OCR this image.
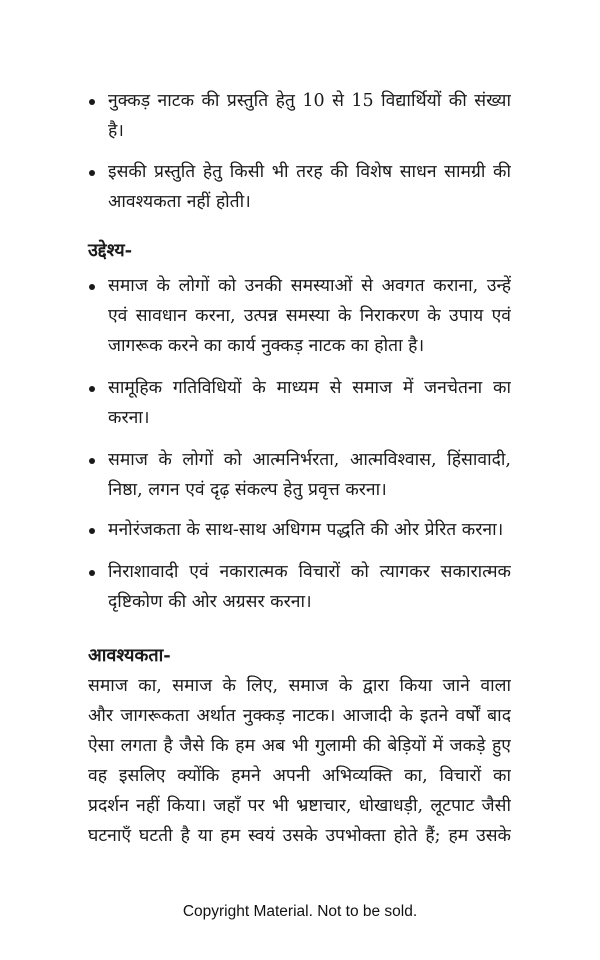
नुक्कड़ नाटक की प्रस्तुति हेतु 10 से 15 विद्यार्थियों की संख्या
है।
इसकी प्रस्तुति हेतु किसी भी तरह की विशेष साधन सामग्री की
आवश्यकता नहीं होती।
उद्देश्य-
समाज के लोगों को उनकी समस्याओं से अवगत कराना, उन्हें
एवं सावधान करना, उत्पन्न समस्या के निराकरण के उपाय एवं
जागरूक करने का कार्य नुक्कड़ नाटक का होता है।
सामूहिक गतिविधियों के माध्यम से समाज में जनचेतना का
करना।
समाज के लोगों को आत्मनिर्भरता, आत्मविश्वास, हिंसावादी,
निष्ठा, लगन एवं दृढ़ संकल्प हेतु प्रवृत्त करना।
मनोरंजकता के साथ-साथ अधिगम पद्धति की ओर प्रेरित करना।
निराशावादी एवं नकारात्मक विचारों को त्यागकर सकारात्मक
दृष्टिकोण की ओर अग्रसर करना।
आवश्यकता-
समाज का, समाज के लिए, समाज के द्वारा किया जाने वाला
और जागरूकता अर्थात नुक्कड़ नाटक। आजादी के इतने वर्षों बाद
ऐसा लगता है जैसे कि हम अब भी गुलामी की बेड़ियों में जकड़े हुए
वह इसलिए क्योंकि हमने अपनी अभिव्यक्ति का, विचारों का
प्रदर्शन नहीं किया। जहाँ पर भी भ्रष्टाचार, धोखाधड़ी, लूटपाट जैसी
घटनाएँ घटती है या हम स्वयं उसके उपभोक्ता होते हैं; हम उसके
Copyright Material. Not to be sold.
